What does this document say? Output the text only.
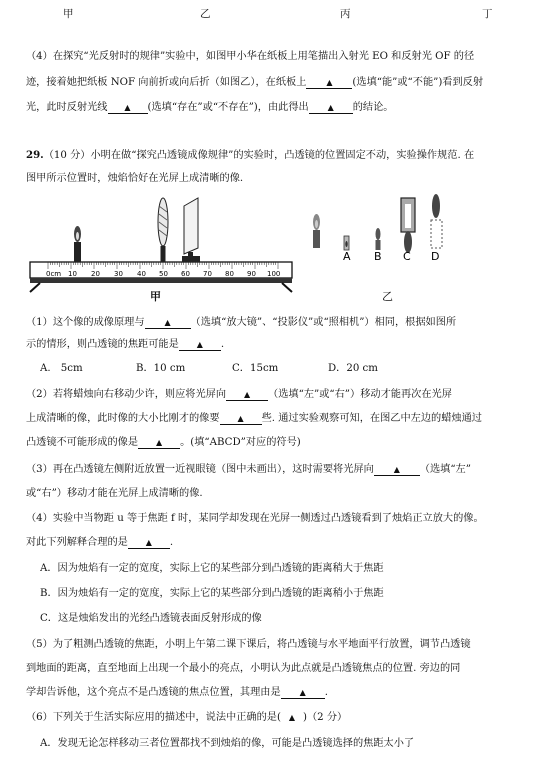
甲	乙	丙	丁
（4）在探究“光反射时的规律”实验中，如图甲小华在纸板上用笔描出入射光 EO 和反射光 OF 的径
迹，接着她把纸板 NOF 向前折或向后折（如图乙），在纸板上 ▲ (选填“能”或“不能”)看到反射
光，此时反射光线 ▲ (选填“存在”或“不存在”)，由此得出 ▲ 的结论。
29.（10 分）小明在做“探究凸透镜成像规律”的实验时，凸透镜的位置固定不动，实验操作规范. 在
图甲所示位置时，烛焰恰好在光屏上成清晰的像.
0cm 10 20 30 40 50 60 70 80 90 100
A B C D
甲	乙
（1）这个像的成像原理与 ▲ （选填“放大镜”、“投影仪”或“照相机”）相同，根据如图所
示的情形，则凸透镜的焦距可能是 ▲ .
A.　5cm	B．10 cm	C．15cm	D．20 cm
（2）若将蜡烛向右移动少许，则应将光屏向 ▲ （选填“左”或“右”）移动才能再次在光屏
上成清晰的像，此时像的大小比刚才的像要 ▲ 些. 通过实验观察可知，在图乙中左边的蜡烛通过
凸透镜不可能形成的像是 ▲ 。(填“ABCD”对应的符号)
（3）再在凸透镜左侧附近放置一近视眼镜（图中未画出），这时需要将光屏向 ▲ （选填“左”
或“右”）移动才能在光屏上成清晰的像.
（4）实验中当物距 u 等于焦距 f 时，某同学却发现在光屏一侧透过凸透镜看到了烛焰正立放大的像。
对此下列解释合理的是 ▲ .
A．因为烛焰有一定的宽度，实际上它的某些部分到凸透镜的距离稍大于焦距
B．因为烛焰有一定的宽度，实际上它的某些部分到凸透镜的距离稍小于焦距
C．这是烛焰发出的光经凸透镜表面反射形成的像
（5）为了粗测凸透镜的焦距，小明上午第二课下课后，将凸透镜与水平地面平行放置，调节凸透镜
到地面的距离，直至地面上出现一个最小的亮点，小明认为此点就是凸透镜焦点的位置. 旁边的同
学却告诉他，这个亮点不是凸透镜的焦点位置，其理由是 ▲ .
（6）下列关于生活实际应用的描述中，说法中正确的是( ▲ )（2 分）
A．发现无论怎样移动三者位置都找不到烛焰的像，可能是凸透镜选择的焦距太小了
